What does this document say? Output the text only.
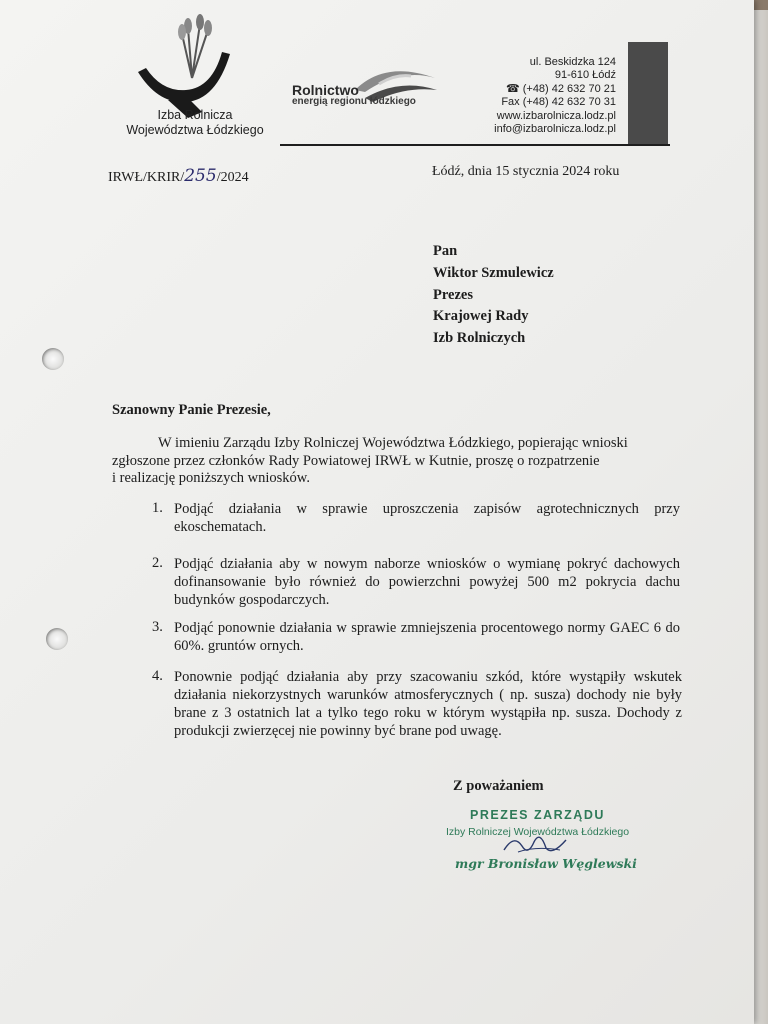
Izba Rolnicza
Województwa Łódzkiego
Rolnictwo
energią regionu łódzkiego
ul. Beskidzka 124
91-610 Łódź
☎ (+48) 42 632 70 21
Fax (+48) 42 632 70 31
www.izbarolnicza.lodz.pl
info@izbarolnicza.lodz.pl
IRWŁ/KRIR/255/2024	Łódź, dnia 15 stycznia 2024 roku
Pan
Wiktor Szmulewicz
Prezes
Krajowej Rady
Izb Rolniczych
Szanowny Panie Prezesie,
W imieniu Zarządu Izby Rolniczej Województwa Łódzkiego, popierając wnioski
zgłoszone przez członków Rady Powiatowej IRWŁ w Kutnie, proszę o rozpatrzenie
i realizację poniższych wniosków.
1. Podjąć działania w sprawie uproszczenia zapisów agrotechnicznych przy ekoschematach.
2. Podjąć działania aby w nowym naborze wniosków o wymianę pokryć dachowych dofinansowanie było również do powierzchni powyżej 500 m2 pokrycia dachu budynków gospodarczych.
3. Podjąć ponownie działania w sprawie zmniejszenia procentowego normy GAEC 6 do 60%. gruntów ornych.
4. Ponownie podjąć działania aby przy szacowaniu szkód, które wystąpiły wskutek działania niekorzystnych warunków atmosferycznych ( np. susza) dochody nie były brane z 3 ostatnich lat a tylko tego roku w którym wystąpiła np. susza. Dochody z produkcji zwierzęcej nie powinny być brane pod uwagę.
Z poważaniem
PREZES ZARZĄDU
Izby Rolniczej Województwa Łódzkiego
mgr Bronisław Węglewski
